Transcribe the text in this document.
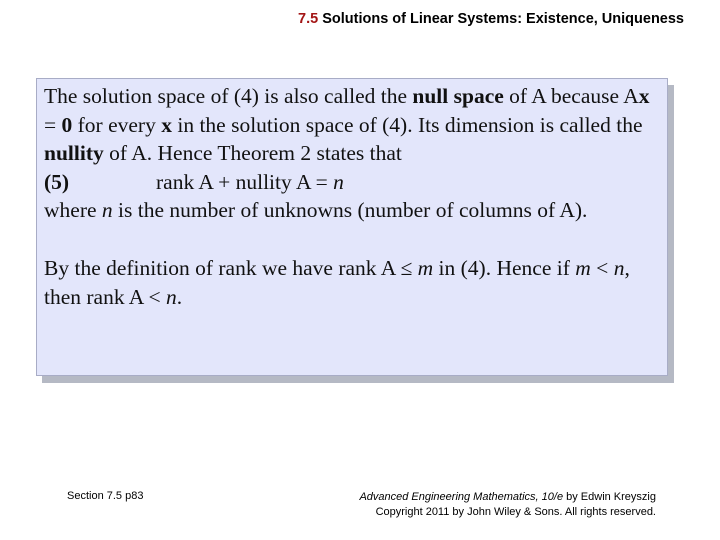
7.5 Solutions of Linear Systems: Existence, Uniqueness

The solution space of (4) is also called the null space of A because Ax = 0 for every x in the solution space of (4). Its dimension is called the nullity of A. Hence Theorem 2 states that

(5)	rank A + nullity A = n

where n is the number of unknowns (number of columns of A).

By the definition of rank we have rank A ≤ m in (4). Hence if m < n, then rank A < n.

Section 7.5 p83	Advanced Engineering Mathematics, 10/e by Edwin Kreyszig
Copyright 2011 by John Wiley & Sons. All rights reserved.
